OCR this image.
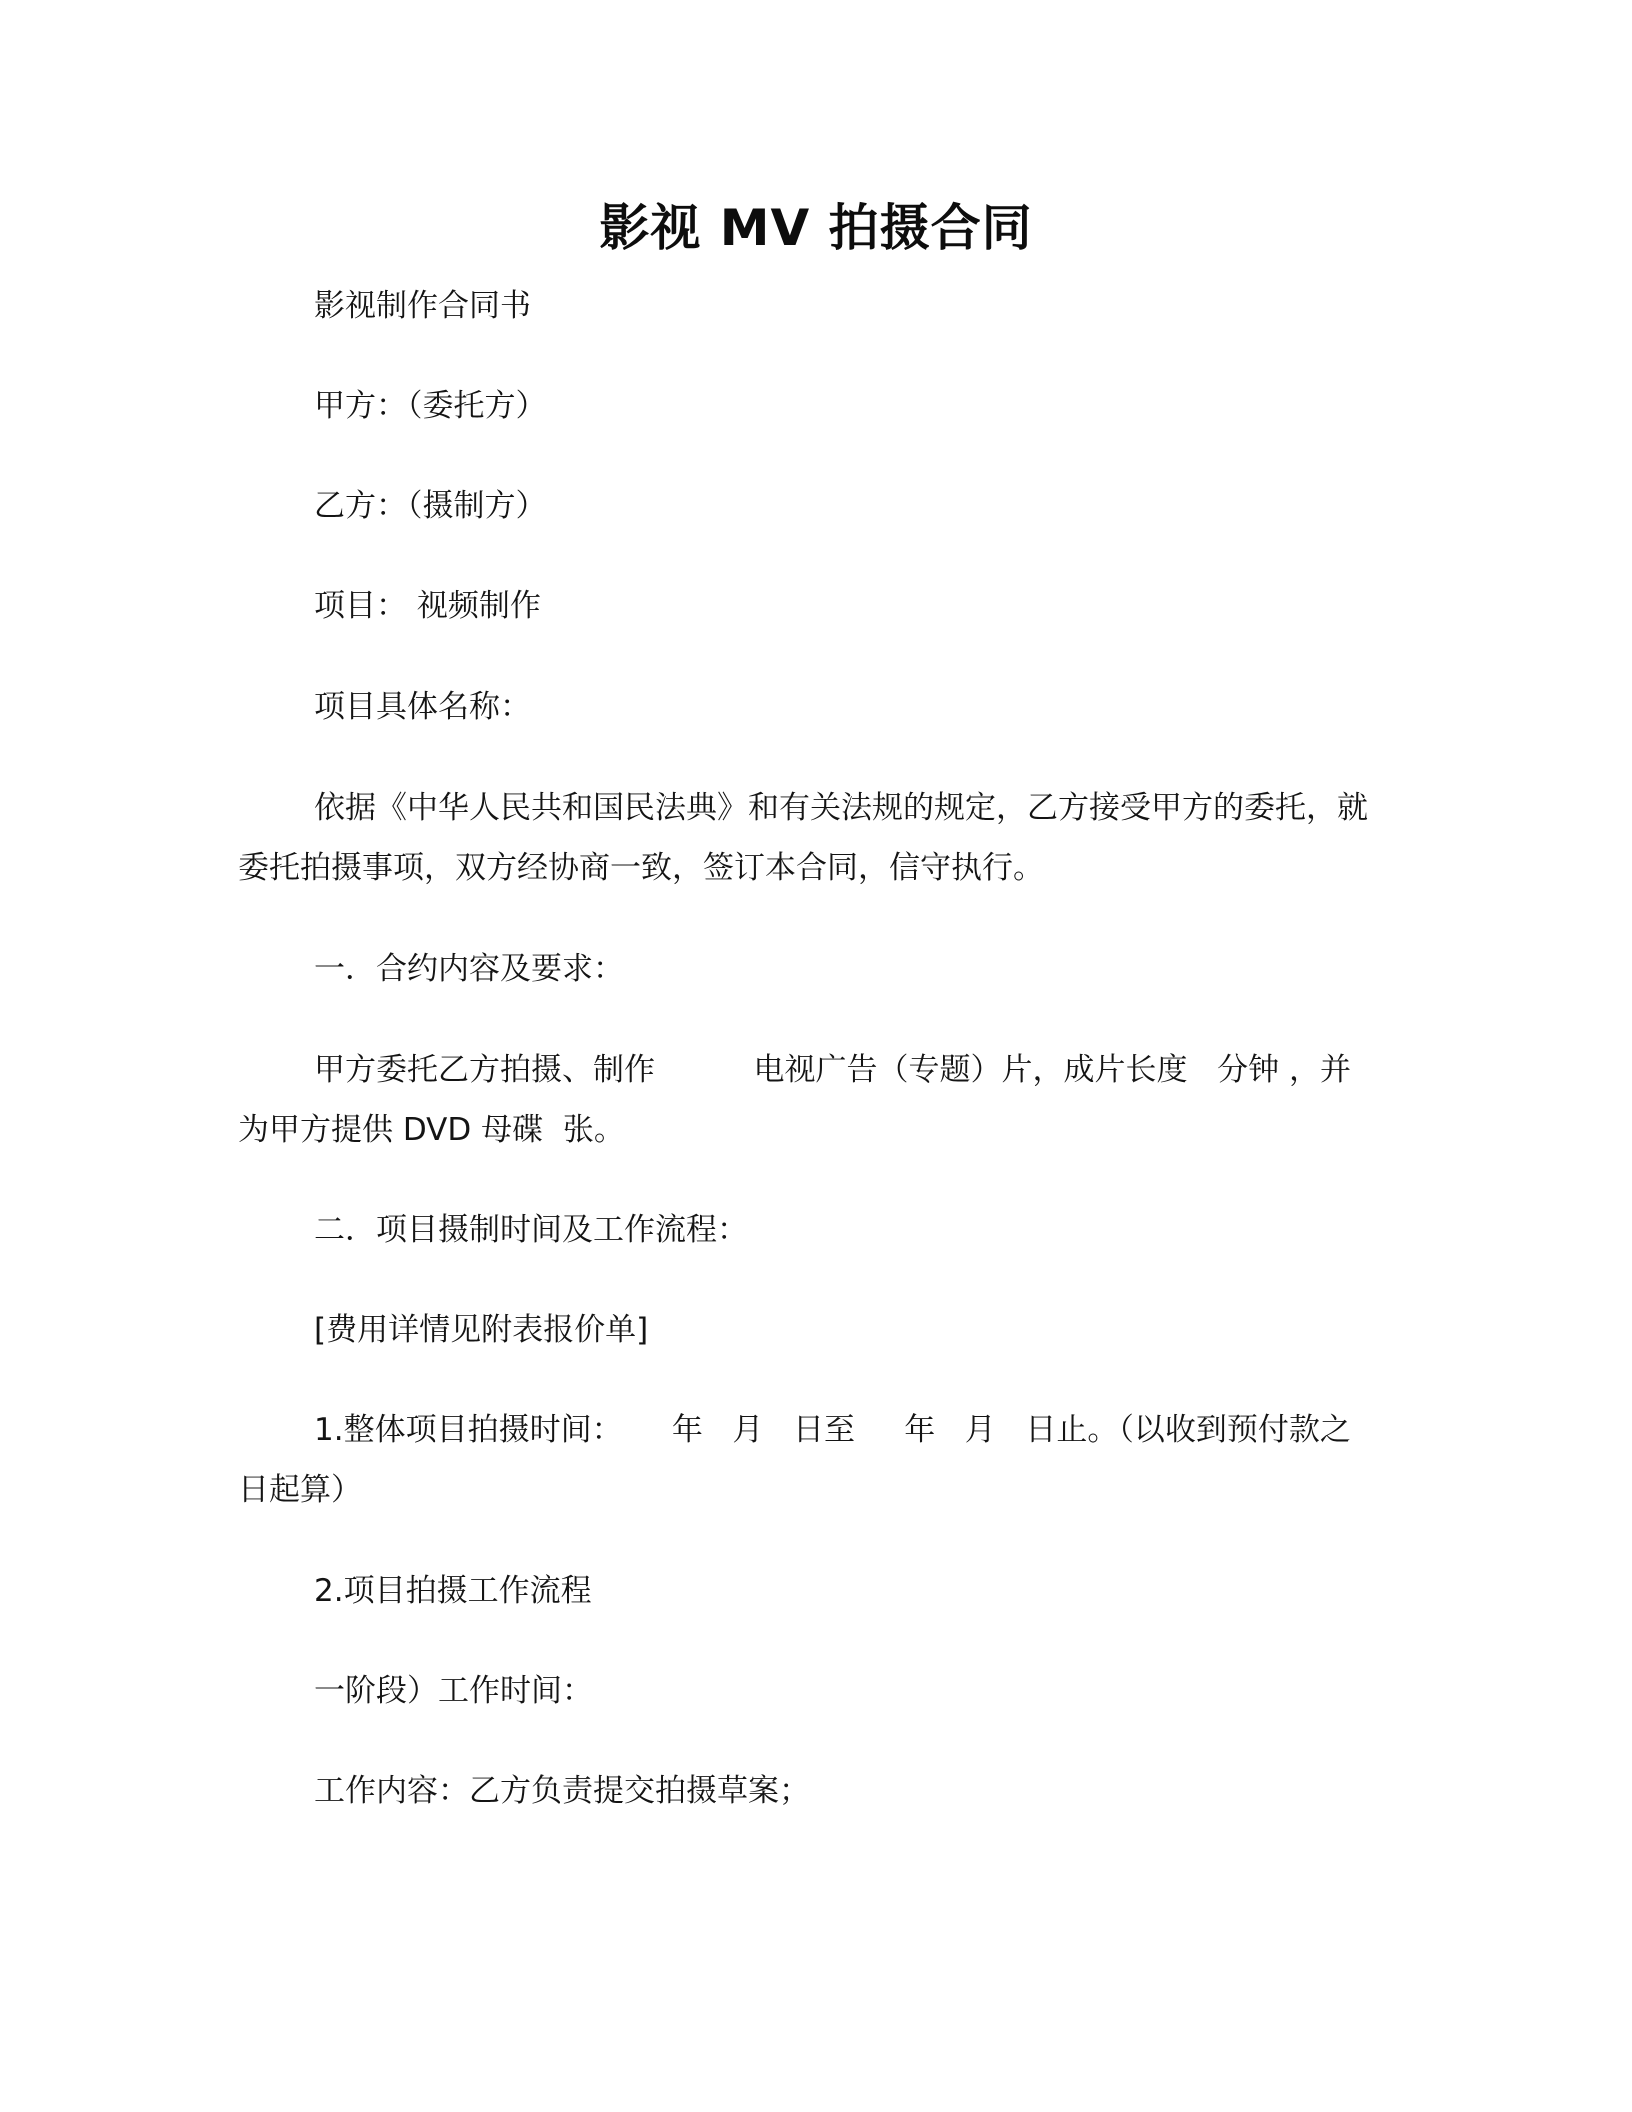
影视 MV 拍摄合同
影视制作合同书
甲方：（委托方）
乙方：（摄制方）
项目： 视频制作
项目具体名称：
依据《中华人民共和国民法典》和有关法规的规定，乙方接受甲方的委托，就委托拍摄事项，双方经协商一致，签订本合同，信守执行。
一．合约内容及要求：
甲方委托乙方拍摄、制作          电视广告（专题）片，成片长度   分钟 ，并为甲方提供 DVD 母碟  张。
二．项目摄制时间及工作流程：
[费用详情见附表报价单]
1.整体项目拍摄时间：     年   月   日至     年   月   日止。（以收到预付款之日起算）
2.项目拍摄工作流程
一阶段）工作时间：
工作内容：乙方负责提交拍摄草案；
